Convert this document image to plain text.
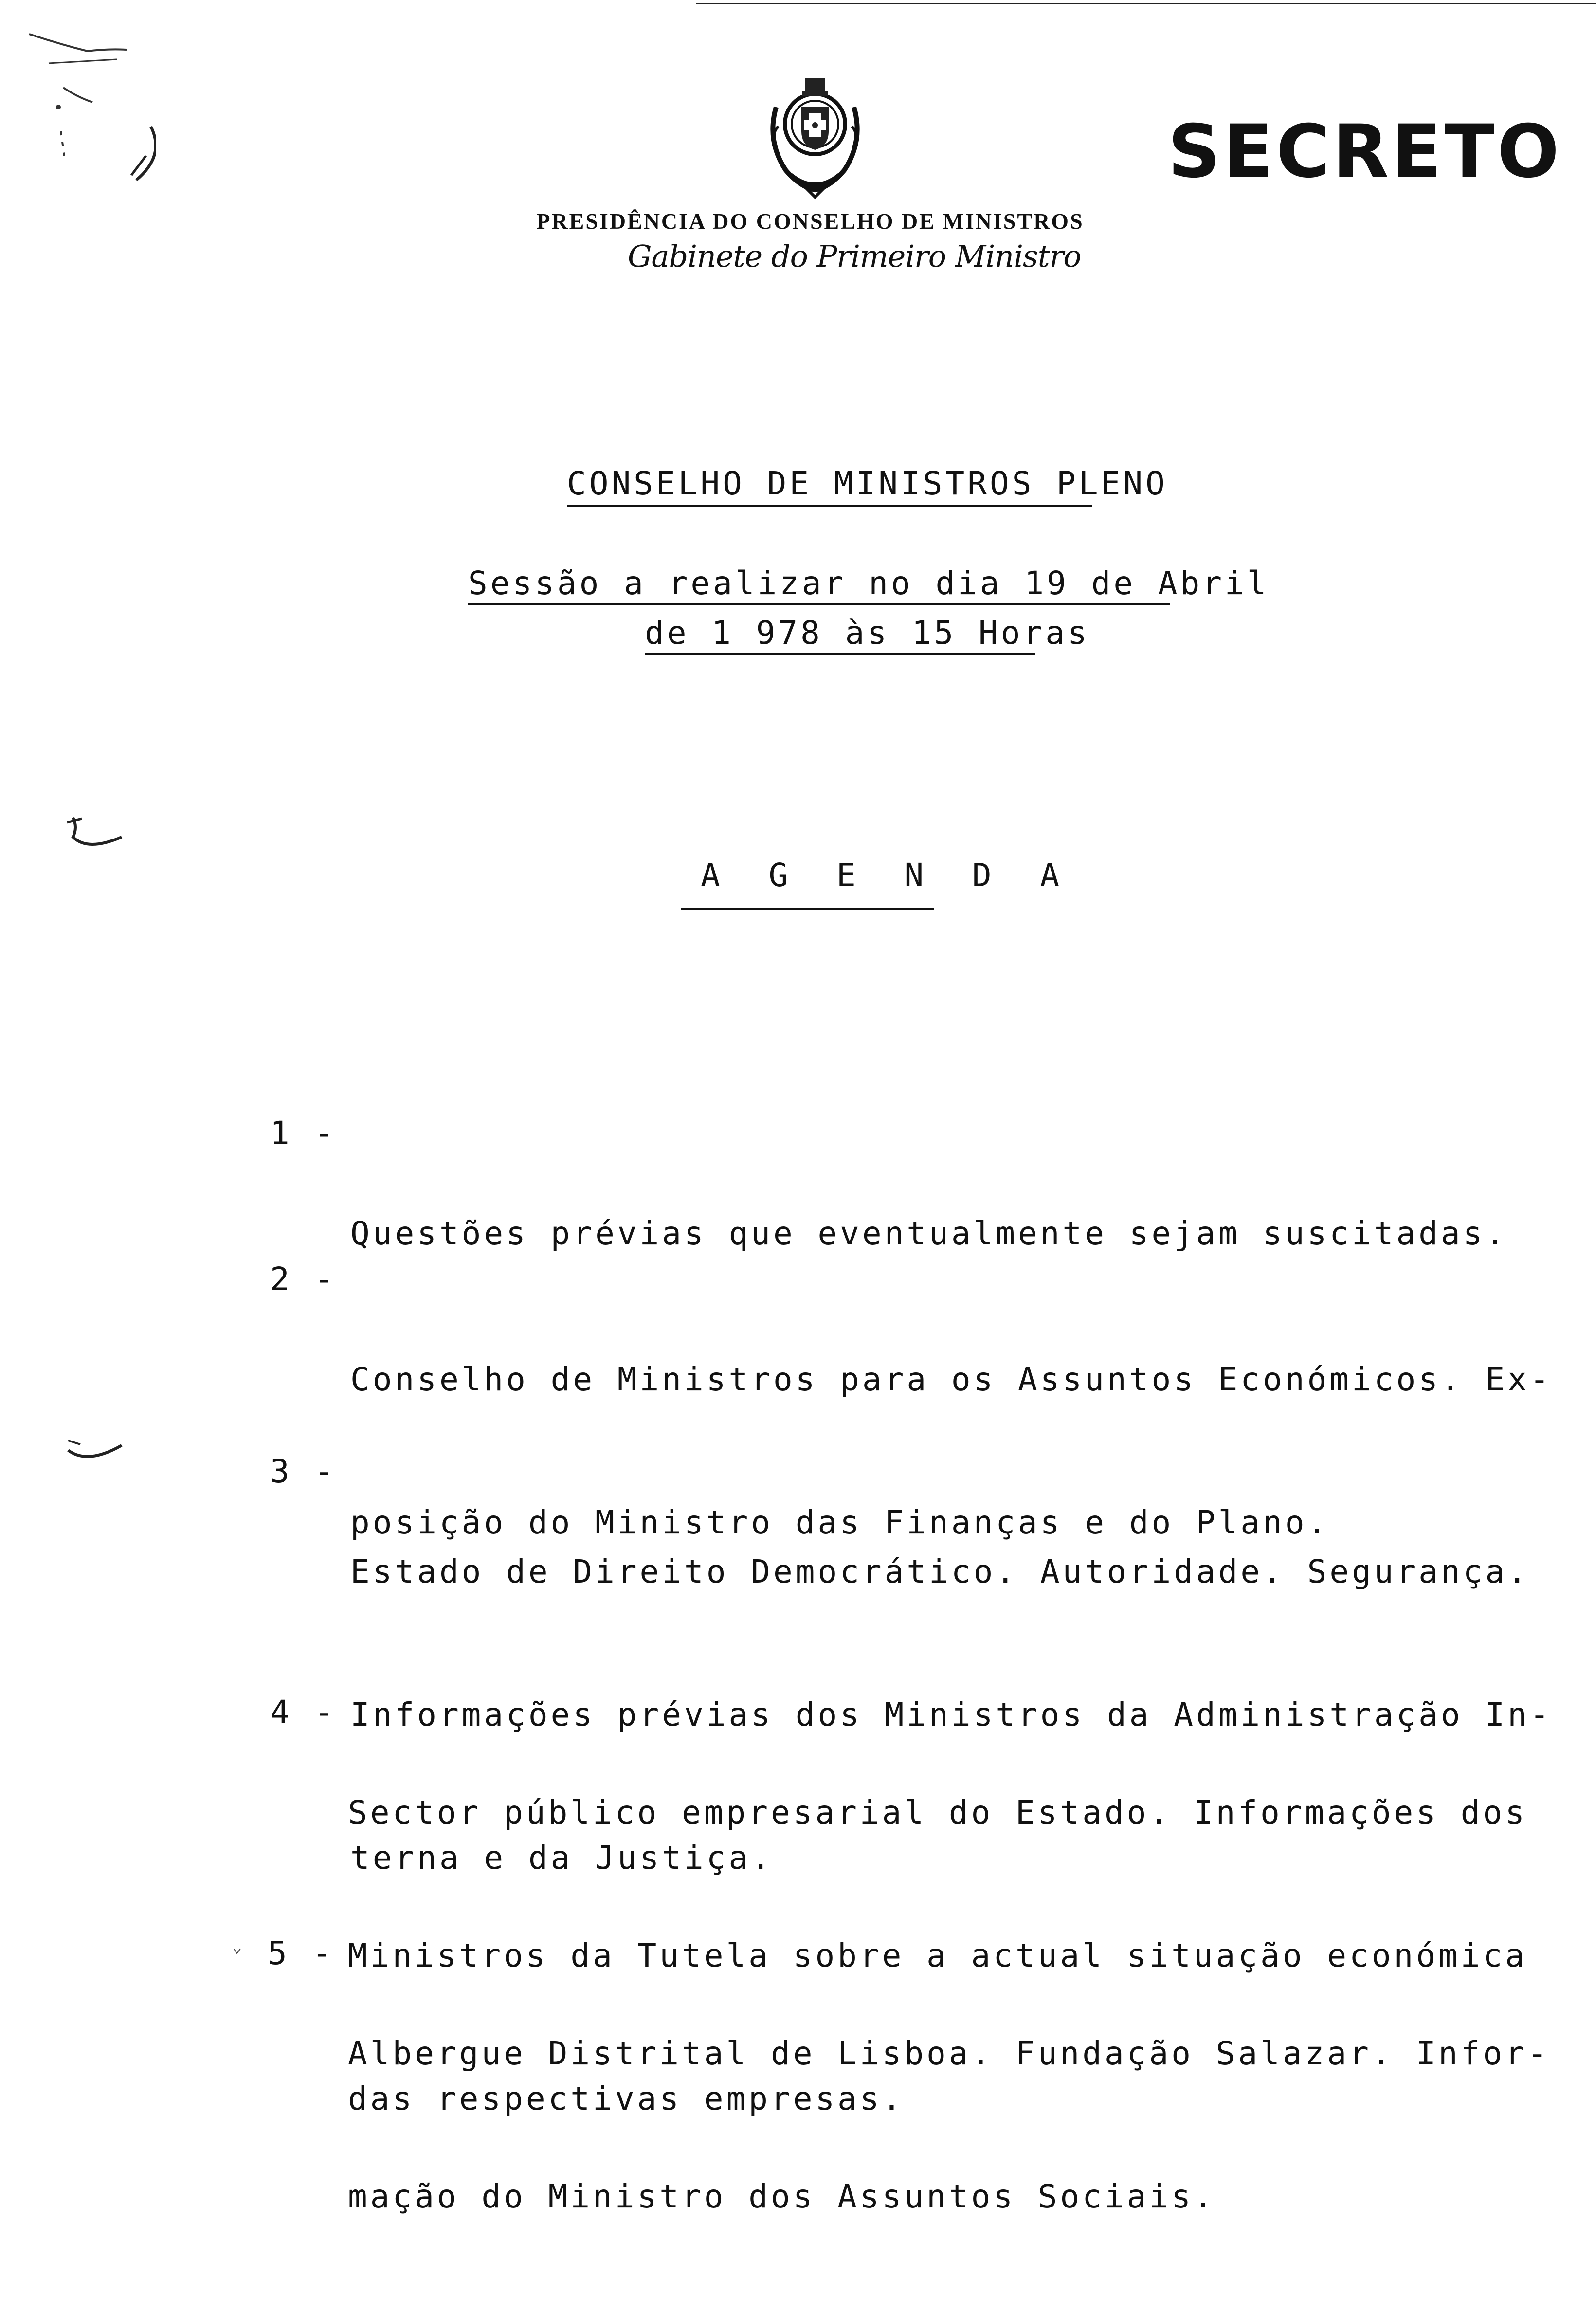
SECRETO
PRESIDÊNCIA DO CONSELHO DE MINISTROS
Gabinete do Primeiro Ministro
CONSELHO DE MINISTROS PLENO
Sessão a realizar no dia 19 de Abril
de 1 978 às 15 Horas
A G E N D A
1 -

Questões prévias que eventualmente sejam suscitadas.

2 -

Conselho de Ministros para os Assuntos Económicos. Ex-

posição do Ministro das Finanças e do Plano.

3 -

Estado de Direito Democrático. Autoridade. Segurança.

Informações prévias dos Ministros da Administração In-

terna e da Justiça.

4 -

Sector público empresarial do Estado. Informações dos

Ministros da Tutela sobre a actual situação económica

das respectivas empresas.

5 -

Albergue Distrital de Lisboa. Fundação Salazar. Infor-

mação do Ministro dos Assuntos Sociais.
